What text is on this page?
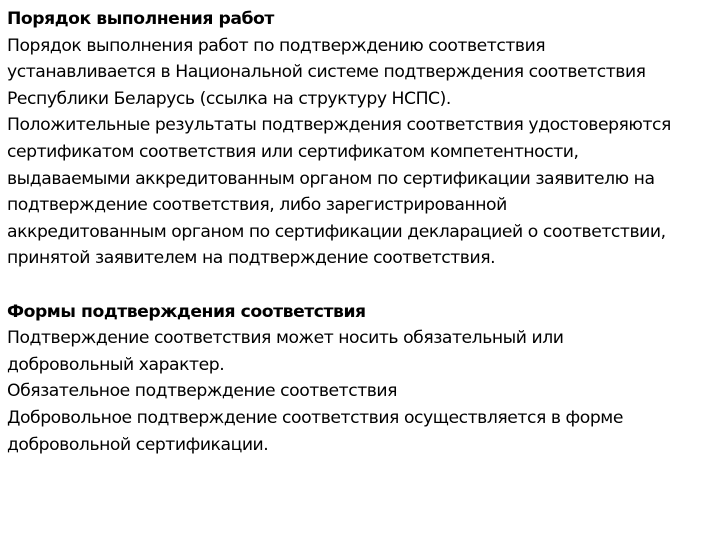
Порядок выполнения работ
Порядок выполнения работ по подтверждению соответствия
устанавливается в Национальной системе подтверждения соответствия
Республики Беларусь (ссылка на структуру НСПС).
Положительные результаты подтверждения соответствия удостоверяются
сертификатом соответствия или сертификатом компетентности,
выдаваемыми аккредитованным органом по сертификации заявителю на
подтверждение соответствия, либо зарегистрированной
аккредитованным органом по сертификации декларацией о соответствии,
принятой заявителем на подтверждение соответствия.
Формы подтверждения соответствия
Подтверждение соответствия может носить обязательный или
добровольный характер.
Обязательное подтверждение соответствия
Добровольное подтверждение соответствия осуществляется в форме
добровольной сертификации.
